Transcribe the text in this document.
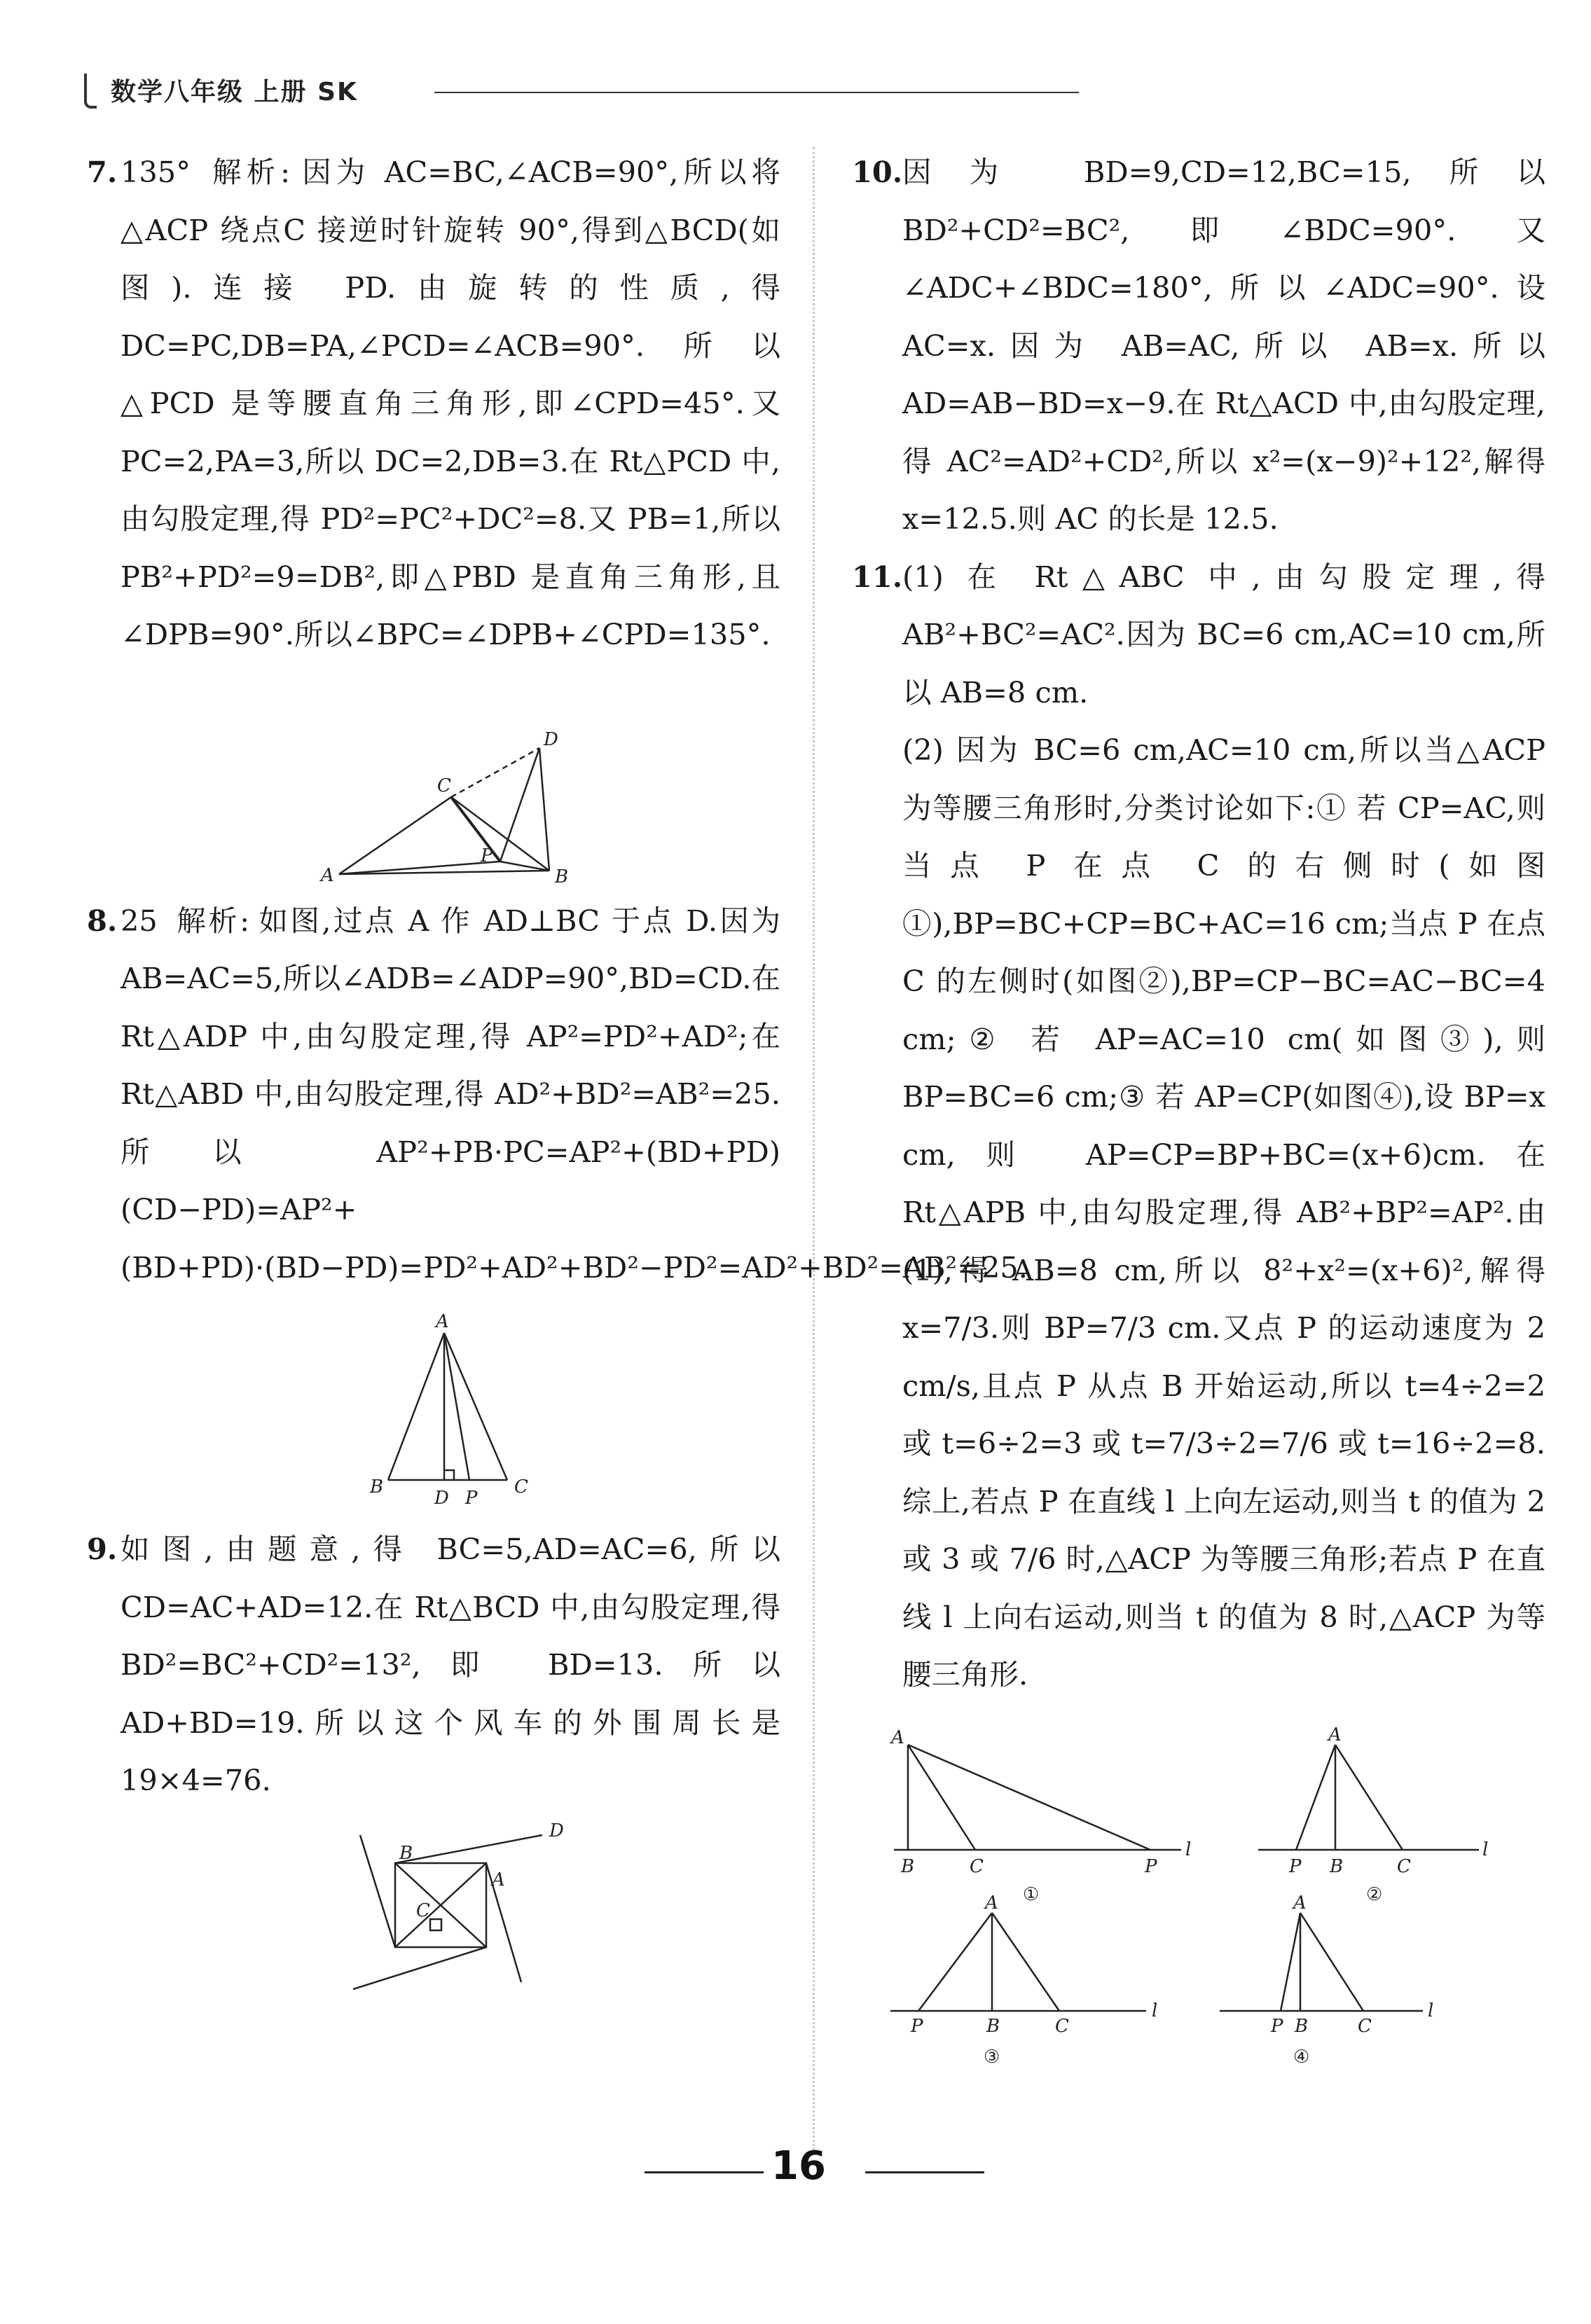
数学八年级 上册 SK
7. 135° 解析: 因为 AC=BC,∠ACB=90°,所以将△ACP 绕点C 接逆时针旋转 90°,得到△BCD(如图).连接 PD.由旋转的性质,得 DC=PC,DB=PA,∠PCD=∠ACB=90°.所以△PCD 是等腰直角三角形,即∠CPD=45°.又 PC=2,PA=3,所以 DC=2,DB=3.在 Rt△PCD 中,由勾股定理,得 PD²=PC²+DC²=8.又 PB=1,所以 PB²+PD²=9=DB²,即△PBD 是直角三角形,且∠DPB=90°.所以∠BPC=∠DPB+∠CPD=135°.
D
C
P
A	B
8. 25 解析: 如图,过点 A 作 AD⊥BC 于点 D.因为 AB=AC=5,所以∠ADB=∠ADP=90°,BD=CD.在 Rt△ADP 中,由勾股定理,得 AP²=PD²+AD²;在 Rt△ABD 中,由勾股定理,得 AD²+BD²=AB²=25.所以 AP²+PB·PC=AP²+(BD+PD)(CD−PD)=AP²+(BD+PD)·(BD−PD)=PD²+AD²+BD²−PD²=AD²+BD²=AB²=25.
A
B
D P
C
9. 如图,由题意,得 BC=5,AD=AC=6,所以 CD=AC+AD=12.在 Rt△BCD 中,由勾股定理,得 BD²=BC²+CD²=13²,即 BD=13.所以 AD+BD=19.所以这个风车的外围周长是 19×4=76.
B
D
A
C
10. 因为 BD=9,CD=12,BC=15,所以 BD²+CD²=BC²,即∠BDC=90°.又∠ADC+∠BDC=180°,所以∠ADC=90°.设 AC=x.因为 AB=AC,所以 AB=x.所以 AD=AB−BD=x−9.在 Rt△ACD 中,由勾股定理,得 AC²=AD²+CD²,所以 x²=(x−9)²+12²,解得 x=12.5.则 AC 的长是 12.5.
11. (1) 在 Rt△ABC 中,由勾股定理,得 AB²+BC²=AC².因为 BC=6 cm,AC=10 cm,所以 AB=8 cm.
(2) 因为 BC=6 cm,AC=10 cm,所以当△ACP 为等腰三角形时,分类讨论如下:① 若 CP=AC,则当点 P 在点 C 的右侧时(如图①),BP=BC+CP=BC+AC=16 cm;当点 P 在点 C 的左侧时(如图②),BP=CP−BC=AC−BC=4 cm;② 若 AP=AC=10 cm(如图③),则 BP=BC=6 cm;③ 若 AP=CP(如图④),设 BP=x cm,则 AP=CP=BP+BC=(x+6)cm.在 Rt△APB 中,由勾股定理,得 AB²+BP²=AP².由(1),得 AB=8 cm,所以 8²+x²=(x+6)²,解得 x=7/3.则 BP=7/3 cm.又点 P 的运动速度为 2 cm/s,且点 P 从点 B 开始运动,所以 t=4÷2=2 或 t=6÷2=3 或 t=7/3÷2=7/6 或 t=16÷2=8.综上,若点 P 在直线 l 上向左运动,则当 t 的值为 2 或 3 或 7/6 时,△ACP 为等腰三角形;若点 P 在直线 l 上向右运动,则当 t 的值为 8 时,△ACP 为等腰三角形.
A
B	C	P
l
①
A
P B	C
l
②
A
P	B	C
l
③
A
P B	C
l
④
16
